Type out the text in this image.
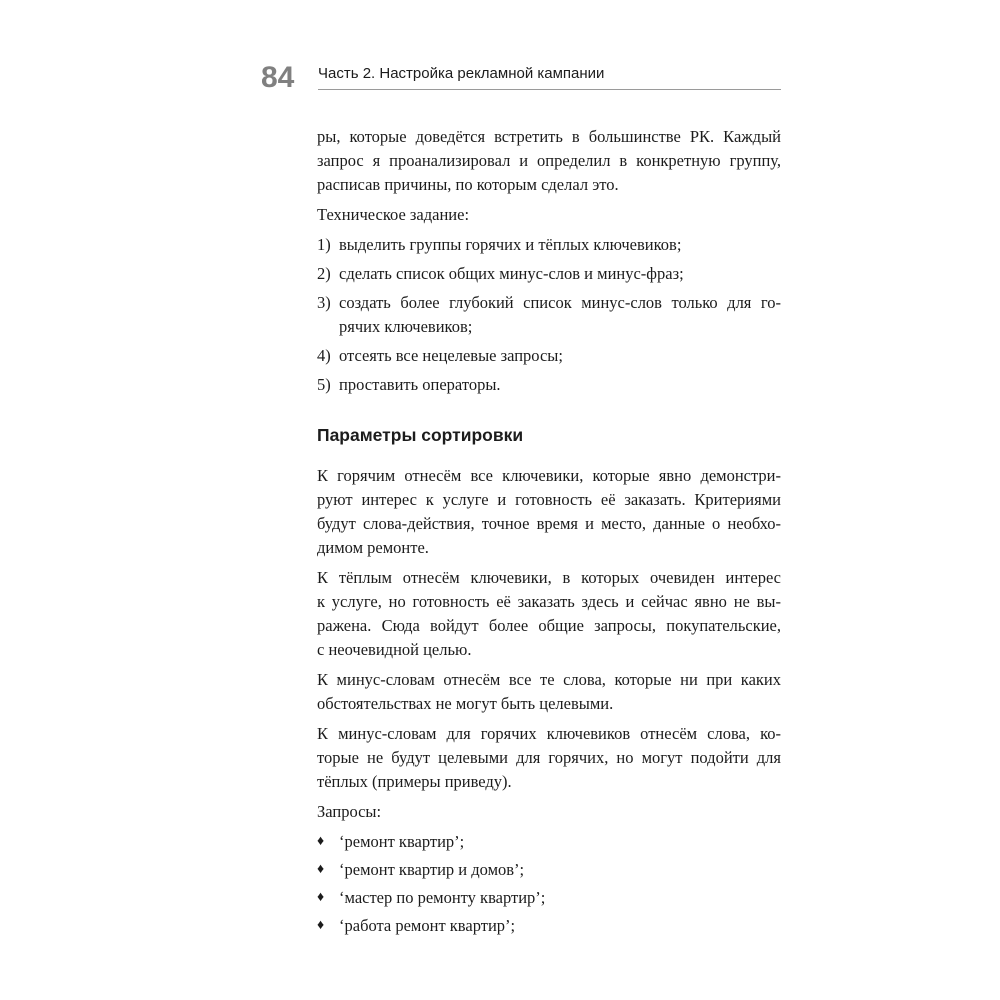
84 Часть 2. Настройка рекламной кампании

ры, которые доведётся встретить в большинстве РК. Каждый
запрос я проанализировал и определил в конкретную группу,
расписав причины, по которым сделал это.

Техническое задание:

1) выделить группы горячих и тёплых ключевиков;
2) сделать список общих минус-слов и минус-фраз;
3) создать более глубокий список минус-слов только для го-
рячих ключевиков;
4) отсеять все нецелевые запросы;
5) проставить операторы.
Параметры сортировки

К горячим отнесём все ключевики, которые явно демонстри-
руют интерес к услуге и готовность её заказать. Критериями
будут слова-действия, точное время и место, данные о необхо-
димом ремонте.

К тёплым отнесём ключевики, в которых очевиден интерес
к услуге, но готовность её заказать здесь и сейчас явно не вы-
ражена. Сюда войдут более общие запросы, покупательские,
с неочевидной целью.

К минус-словам отнесём все те слова, которые ни при каких
обстоятельствах не могут быть целевыми.

К минус-словам для горячих ключевиков отнесём слова, ко-
торые не будут целевыми для горячих, но могут подойти для
тёплых (примеры приведу).

Запросы:

♦ ‘ремонт квартир’;
♦ ‘ремонт квартир и домов’;
♦ ‘мастер по ремонту квартир’;
♦ ‘работа ремонт квартир’;
